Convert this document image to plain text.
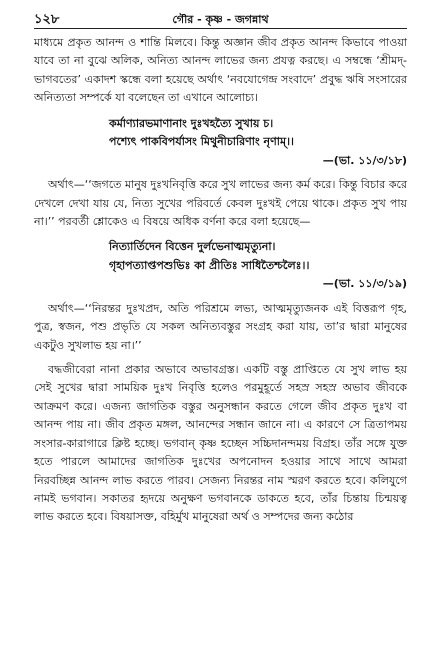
১২৮	গৌর - কৃষ্ণ - জগন্নাথ

মাধ্যমে প্রকৃত আনন্দ ও শান্তি মিলবে। কিন্তু অজ্ঞান জীব প্রকৃত আনন্দ কিভাবে পাওয়া যাবে তা না বুঝে অলিক, অনিত্য আনন্দ লাভের জন্য প্রযত্ন করছে। এ সম্বন্ধে ‘শ্রীমদ্-ভাগবতের’ একাদশ স্কন্ধে বলা হয়েছে অর্থাৎ ‘নবযোগেন্দ্র সংবাদে’ প্রবুদ্ধ ঋষি সংসারের অনিত্যতা সম্পর্কে যা বলেছেন তা এখানে আলোচ্য।

কর্মাণ্যারভমাণানাং দুঃখহত্যৈ সুখায় চ।
পশ্যেৎ পাকবিপর্যাসং মিথুনীচারিণাং নৃণাম্।।
—(ভা. ১১/৩/১৮)

অর্থাৎ—‘‘জগতে মানুষ দুঃখনিবৃত্তি করে সুখ লাভের জন্য কর্ম করে। কিন্তু বিচার করে দেখলে দেখা যায় যে, নিত্য সুখের পরিবর্তে কেবল দুঃখই পেয়ে থাকে। প্রকৃত সুখ পায় না।’’ পরবর্তী শ্লোকেও এ বিষয়ে অধিক বর্ণনা করে বলা হয়েছে—

নিত্যার্তিদেন বিত্তেন দুর্লভেনাত্মমৃত্যুনা।
গৃহাপত্যাপ্তপশুভিঃ কা প্রীতিঃ সাধিতৈশ্চলৈঃ।।
—(ভা. ১১/৩/১৯)

অর্থাৎ—‘‘নিরন্তর দুঃখপ্রদ, অতি পরিশ্রমে লভ্য, আত্মমৃত্যুজনক এই বিত্তরূপ গৃহ, পুত্র, স্বজন, পশু প্রভৃতি যে সকল অনিত্যবস্তুর সংগ্রহ করা যায়, তা’র দ্বারা মানুষের একটুও সুখলাভ হয় না।’’

বদ্ধজীবেরা নানা প্রকার অভাবে অভাবগ্রস্ত। একটি বস্তু প্রাপ্তিতে যে সুখ লাভ হয় সেই সুখের দ্বারা সাময়িক দুঃখ নিবৃত্তি হলেও পরমুহূর্তে সহস্র সহস্র অভাব জীবকে আক্রমণ করে। এজন্য জাগতিক বস্তুর অনুসন্ধান করতে গেলে জীব প্রকৃত দুঃখ বা আনন্দ পায় না। জীব প্রকৃত মঙ্গল, আনন্দের সন্ধান জানে না। এ কারণে সে ত্রিতাপময় সংসার-কারাগারে ক্লিষ্ট হচ্ছে। ভগবান্ কৃষ্ণ হচ্ছেন সচ্চিদানন্দময় বিগ্রহ। তাঁর সঙ্গে যুক্ত হতে পারলে আমাদের জাগতিক দুঃখের অপনোদন হওয়ার সাথে সাথে আমরা নিরবচ্ছিন্ন আনন্দ লাভ করতে পারব। সেজন্য নিরন্তর নাম স্মরণ করতে হবে। কলিযুগে নামই ভগবান। সকাতর হৃদয়ে অনুক্ষণ ভগবানকে ডাকতে হবে, তাঁর চিন্তায় চিন্ময়ত্ব লাভ করতে হবে। বিষয়াসক্ত, বহির্মুখ মানুষেরা অর্থ ও সম্পদের জন্য কঠোর
